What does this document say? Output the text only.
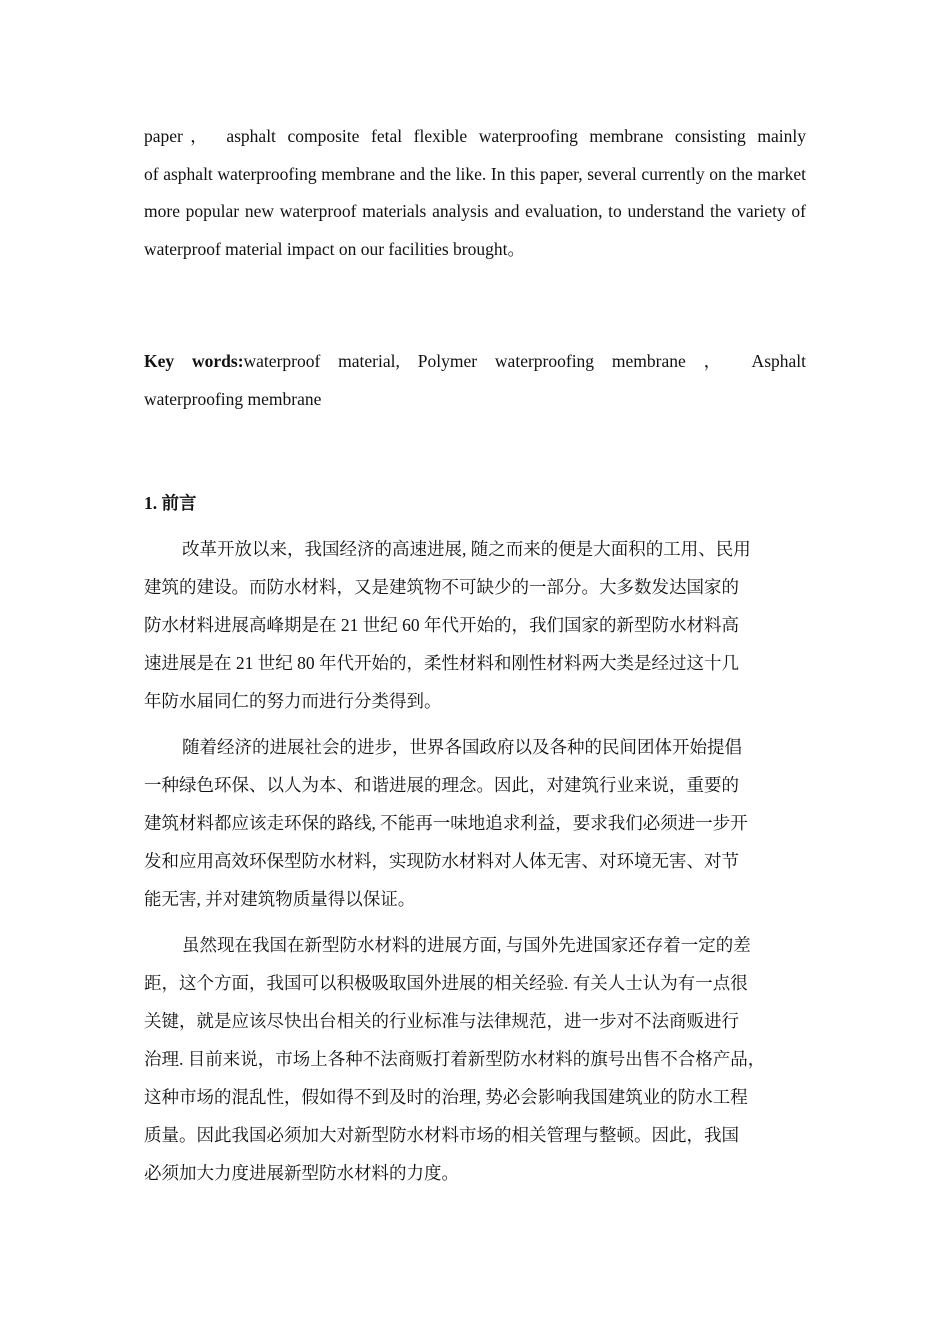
paper， asphalt composite fetal flexible waterproofing membrane consisting mainly
of asphalt waterproofing membrane and the like. In this paper, several currently on the market more popular new waterproof materials analysis and evaluation, to understand the variety of waterproof material impact on our facilities brought。

Key words:waterproof material, Polymer waterproofing membrane ， Asphalt
waterproofing membrane

1. 前言

改革开放以来，我国经济的高速进展, 随之而来的便是大面积的工用、民用
建筑的建设。而防水材料，又是建筑物不可缺少的一部分。大多数发达国家的
防水材料进展高峰期是在 21 世纪 60 年代开始的，我们国家的新型防水材料高
速进展是在 21 世纪 80 年代开始的，柔性材料和刚性材料两大类是经过这十几
年防水届同仁的努力而进行分类得到。

随着经济的进展社会的进步，世界各国政府以及各种的民间团体开始提倡
一种绿色环保、以人为本、和谐进展的理念。因此，对建筑行业来说，重要的
建筑材料都应该走环保的路线, 不能再一味地追求利益，要求我们必须进一步开
发和应用高效环保型防水材料，实现防水材料对人体无害、对环境无害、对节
能无害, 并对建筑物质量得以保证。

虽然现在我国在新型防水材料的进展方面, 与国外先进国家还存着一定的差
距，这个方面，我国可以积极吸取国外进展的相关经验. 有关人士认为有一点很
关键，就是应该尽快出台相关的行业标准与法律规范，进一步对不法商贩进行
治理. 目前来说，市场上各种不法商贩打着新型防水材料的旗号出售不合格产品，
这种市场的混乱性，假如得不到及时的治理, 势必会影响我国建筑业的防水工程
质量。因此我国必须加大对新型防水材料市场的相关管理与整顿。因此，我国
必须加大力度进展新型防水材料的力度。
